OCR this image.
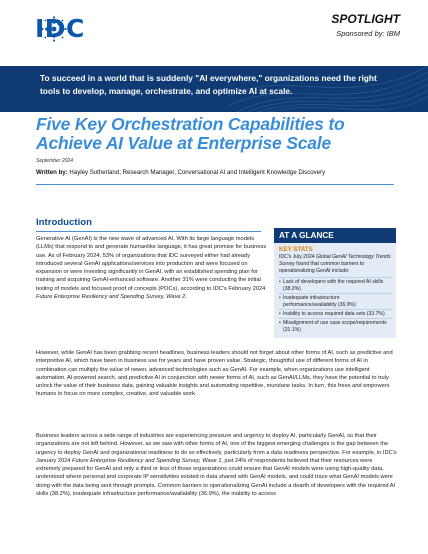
IDC	SPOTLIGHT
Sponsored by: IBM
To succeed in a world that is suddenly "AI everywhere," organizations need the right tools to develop, manage, orchestrate, and optimize AI at scale.
Five Key Orchestration Capabilities to Achieve AI Value at Enterprise Scale
September 2024
Written by: Hayley Sutherland, Research Manager, Conversational AI and Intelligent Knowledge Discovery
Introduction
Generative AI (GenAI) is the new wave of advanced AI. With its large language models (LLMs) that respond to and generate humanlike language, it has great promise for business use. As of February 2024, 53% of organizations that IDC surveyed either had already introduced several GenAI applications/services into production and were focused on expansion or were investing significantly in GenAI, with an established spending plan for training and acquiring GenAI-enhanced software. Another 31% were conducting the initial testing of models and focused proof of concepts (POCs), according to IDC's February 2024 Future Enterprise Resiliency and Spending Survey, Wave 2.
AT A GLANCE
KEY STATS
IDC's July 2024 Global GenAI Technology Trends Survey found that common barriers to operationalizing GenAI include:
• Lack of developers with the required AI skills (38.2%)
• Inadequate infrastructure performance/availability (36.9%)
• Inability to access required data sets (33.7%)
• Misalignment of use case scope/requirements (31.1%)
However, while GenAI has been grabbing recent headlines, business leaders should not forget about other forms of AI, such as predictive and interpretive AI, which have been in business use for years and have proven value. Strategic, thoughtful use of different forms of AI in combination can multiply the value of newer, advanced technologies such as GenAI. For example, when organizations use intelligent automation, AI-powered search, and predictive AI in conjunction with newer forms of AI, such as GenAI/LLMs, they have the potential to truly unlock the value of their business data, gaining valuable insights and automating repetitive, mundane tasks. In turn, this frees and empowers humans to focus on more complex, creative, and valuable work.
Business leaders across a wide range of industries are experiencing pressure and urgency to deploy AI, particularly GenAI, so that their organizations are not left behind. However, as we saw with other forms of AI, one of the biggest emerging challenges is the gap between the urgency to deploy GenAI and organizational readiness to do so effectively, particularly from a data readiness perspective. For example, in IDC's January 2024 Future Enterprise Resiliency and Spending Survey, Wave 1, just 24% of respondents believed that their resources were extremely prepared for GenAI and only a third or less of those organizations could ensure that GenAI models were using high-quality data, understood where personal and corporate IP sensitivities existed in data shared with GenAI models, and could trace what GenAI models were doing with the data being sent through prompts. Common barriers to operationalizing GenAI include a dearth of developers with the required AI skills (38.2%), inadequate infrastructure performance/availability (36.9%), the inability to access
